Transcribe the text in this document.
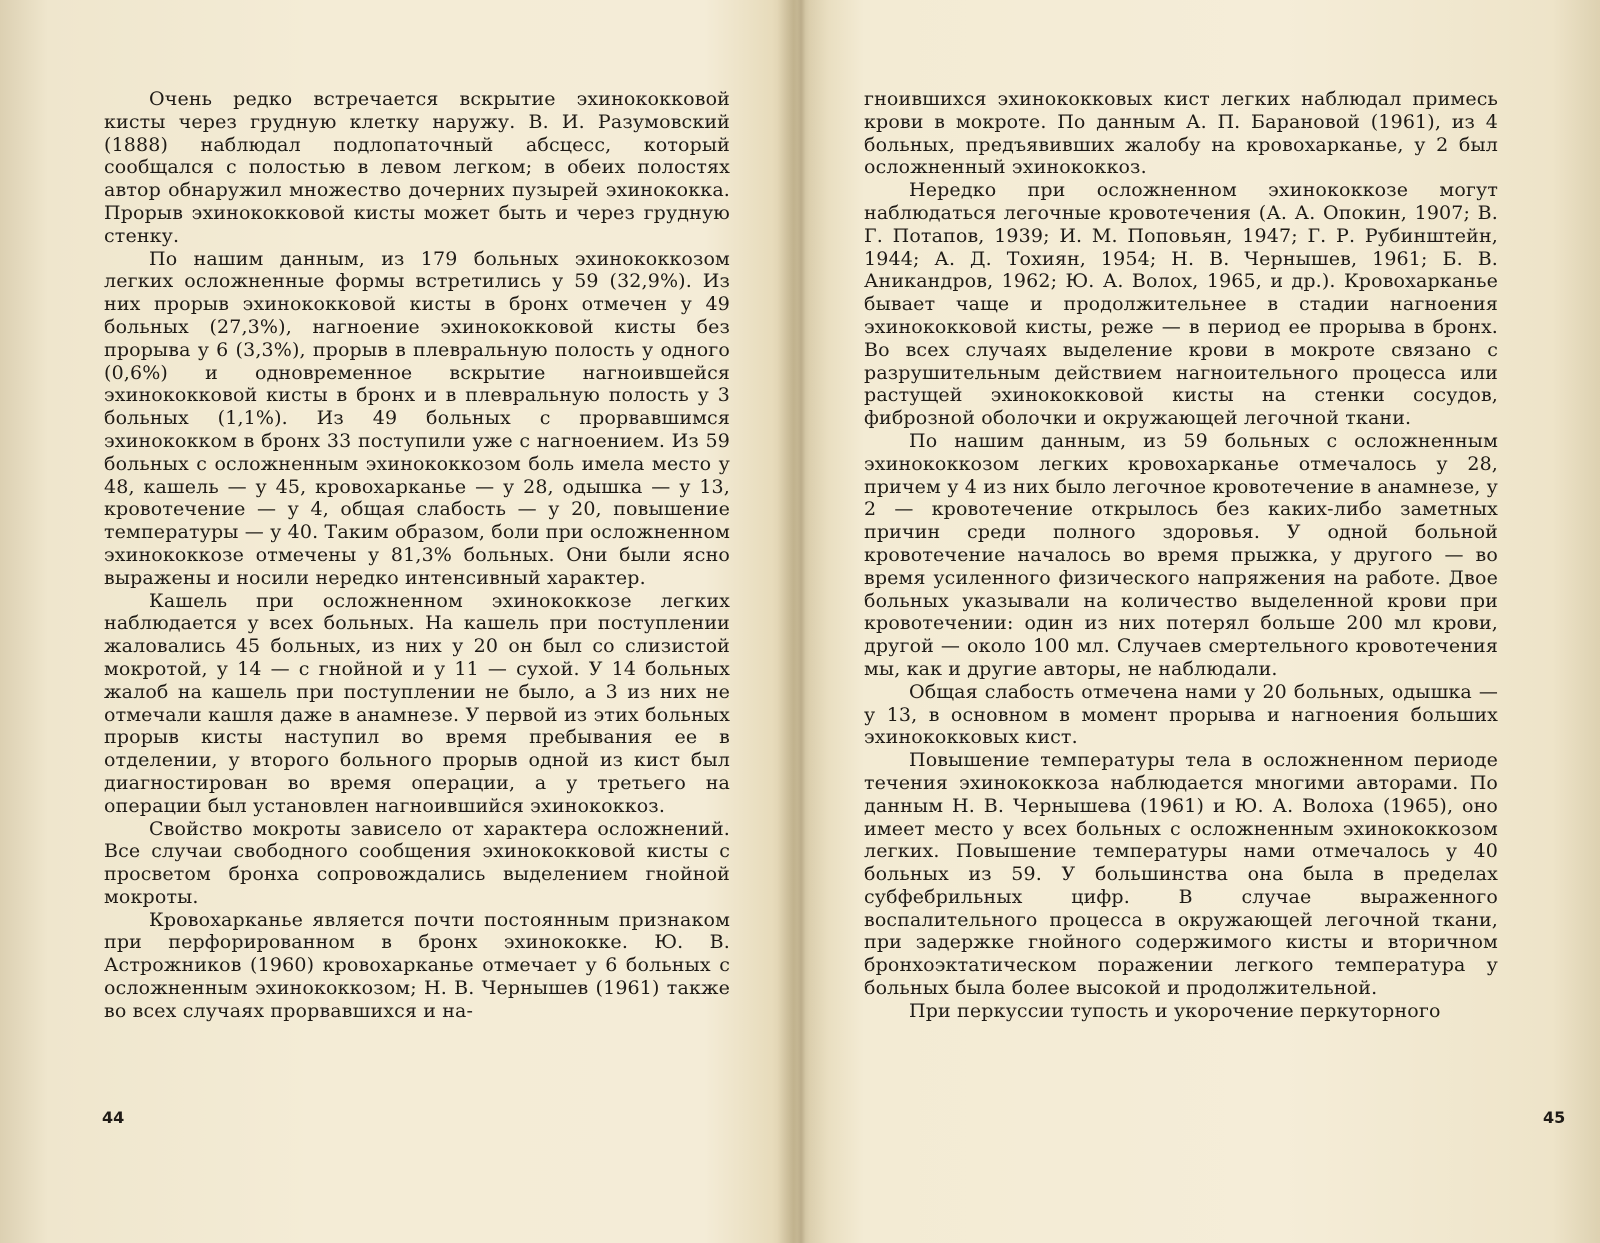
Очень редко встречается вскрытие эхинококковой кисты через грудную клетку наружу. В. И. Разумовский (1888) наблюдал подлопаточный абсцесс, который сообщался с полостью в левом легком; в обеих полостях автор обнаружил множество дочерних пузырей эхинококка. Прорыв эхинококковой кисты может быть и через грудную стенку.

По нашим данным, из 179 больных эхинококкозом легких осложненные формы встретились у 59 (32,9%). Из них прорыв эхинококковой кисты в бронх отмечен у 49 больных (27,3%), нагноение эхинококковой кисты без прорыва у 6 (3,3%), прорыв в плевральную полость у одного (0,6%) и одновременное вскрытие нагноившейся эхинококковой кисты в бронх и в плевральную полость у 3 больных (1,1%). Из 49 больных с прорвавшимся эхинококком в бронх 33 поступили уже с нагноением. Из 59 больных с осложненным эхинококкозом боль имела место у 48, кашель — у 45, кровохарканье — у 28, одышка — у 13, кровотечение — у 4, общая слабость — у 20, повышение температуры — у 40. Таким образом, боли при осложненном эхинококкозе отмечены у 81,3% больных. Они были ясно выражены и носили нередко интенсивный характер.

Кашель при осложненном эхинококкозе легких наблюдается у всех больных. На кашель при поступлении жаловались 45 больных, из них у 20 он был со слизистой мокротой, у 14 — с гнойной и у 11 — сухой. У 14 больных жалоб на кашель при поступлении не было, а 3 из них не отмечали кашля даже в анамнезе. У первой из этих больных прорыв кисты наступил во время пребывания ее в отделении, у второго больного прорыв одной из кист был диагностирован во время операции, а у третьего на операции был установлен нагноившийся эхинококкоз.

Свойство мокроты зависело от характера осложнений. Все случаи свободного сообщения эхинококковой кисты с просветом бронха сопровождались выделением гнойной мокроты.

Кровохарканье является почти постоянным признаком при перфорированном в бронх эхинококке. Ю. В. Астрожников (1960) кровохарканье отмечает у 6 больных с осложненным эхинококкозом; Н. В. Чернышев (1961) также во всех случаях прорвавшихся и на-

44

гноившихся эхинококковых кист легких наблюдал примесь крови в мокроте. По данным А. П. Барановой (1961), из 4 больных, предъявивших жалобу на кровохарканье, у 2 был осложненный эхинококкоз.

Нередко при осложненном эхинококкозе могут наблюдаться легочные кровотечения (А. А. Опокин, 1907; В. Г. Потапов, 1939; И. М. Поповьян, 1947; Г. Р. Рубинштейн, 1944; А. Д. Тохиян, 1954; Н. В. Чернышев, 1961; Б. В. Аникандров, 1962; Ю. А. Волох, 1965, и др.). Кровохарканье бывает чаще и продолжительнее в стадии нагноения эхинококковой кисты, реже — в период ее прорыва в бронх. Во всех случаях выделение крови в мокроте связано с разрушительным действием нагноительного процесса или растущей эхинококковой кисты на стенки сосудов, фиброзной оболочки и окружающей легочной ткани.

По нашим данным, из 59 больных с осложненным эхинококкозом легких кровохарканье отмечалось у 28, причем у 4 из них было легочное кровотечение в анамнезе, у 2 — кровотечение открылось без каких-либо заметных причин среди полного здоровья. У одной больной кровотечение началось во время прыжка, у другого — во время усиленного физического напряжения на работе. Двое больных указывали на количество выделенной крови при кровотечении: один из них потерял больше 200 мл крови, другой — около 100 мл. Случаев смертельного кровотечения мы, как и другие авторы, не наблюдали.

Общая слабость отмечена нами у 20 больных, одышка — у 13, в основном в момент прорыва и нагноения больших эхинококковых кист.

Повышение температуры тела в осложненном периоде течения эхинококкоза наблюдается многими авторами. По данным Н. В. Чернышева (1961) и Ю. А. Волоха (1965), оно имеет место у всех больных с осложненным эхинококкозом легких. Повышение температуры нами отмечалось у 40 больных из 59. У большинства она была в пределах субфебрильных цифр. В случае выраженного воспалительного процесса в окружающей легочной ткани, при задержке гнойного содержимого кисты и вторичном бронхоэктатическом поражении легкого температура у больных была более высокой и продолжительной.

При перкуссии тупость и укорочение перкуторного

45
